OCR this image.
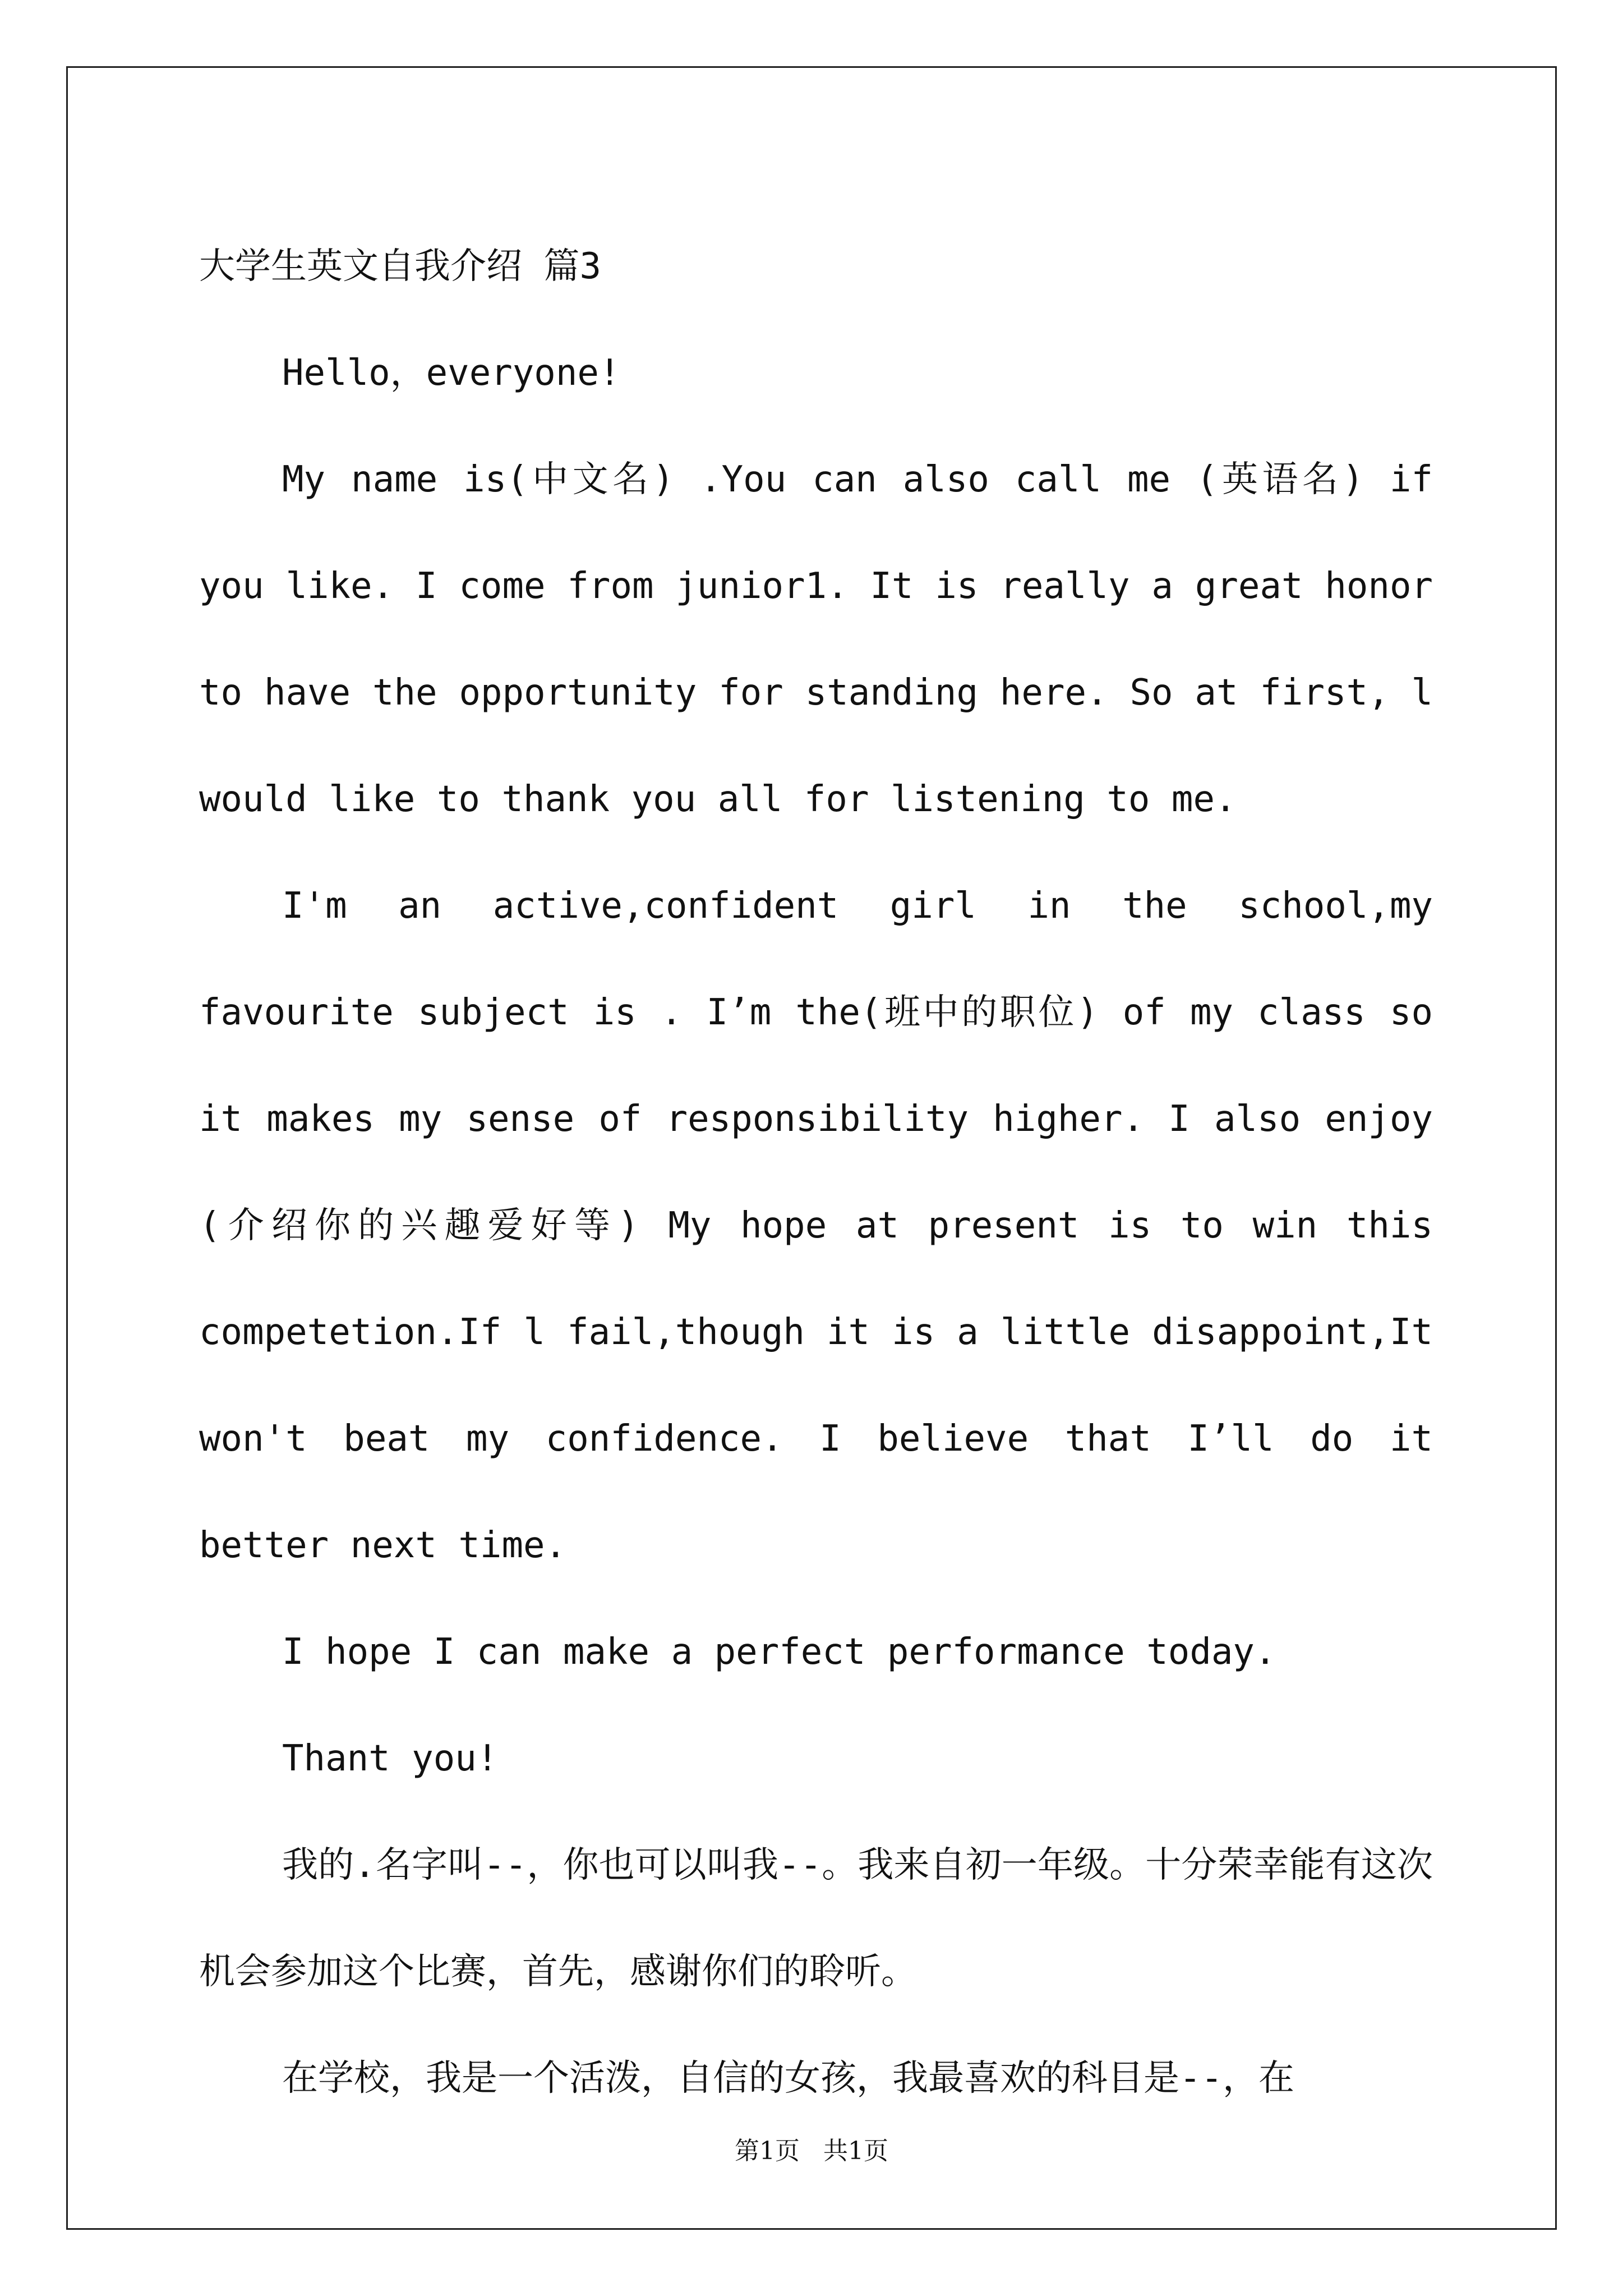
大学生英文自我介绍 篇3

Hello，everyone!

My name is(中文名) .You can also call me (英语名) if you like. I come from junior1. It is really a great honor to have the opportunity for standing here. So at first, l would like to thank you all for listening to me.

I'm an active,confident girl in the school,my favourite subject is . I’m the(班中的职位) of my class so it makes my sense of responsibility higher. I also enjoy (介绍你的兴趣爱好等) My hope at present is to win this competetion.If l fail,though it is a little disappoint,It won't beat my confidence. I believe that I’ll do it better next time.

I hope I can make a perfect performance today.

Thant you!

我的.名字叫--，你也可以叫我--。我来自初一年级。十分荣幸能有这次机会参加这个比赛，首先，感谢你们的聆听。

在学校，我是一个活泼，自信的女孩，我最喜欢的科目是--，在

第1页   共1页
